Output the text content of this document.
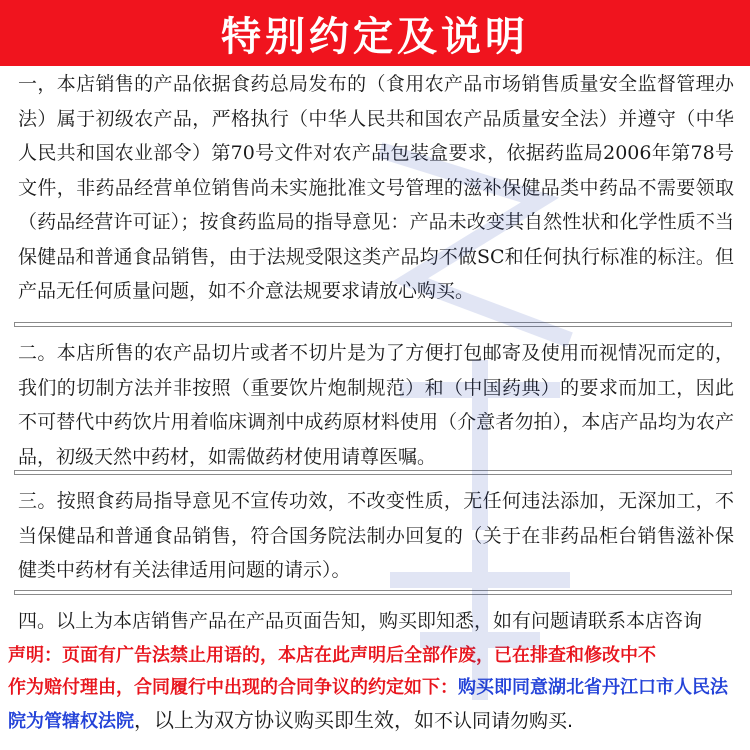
特别约定及说明
一，本店销售的产品依据食药总局发布的（食用农产品市场销售质量安全监督管理办法）属于初级农产品，严格执行（中华人民共和国农产品质量安全法）并遵守（中华人民共和国农业部令）第70号文件对农产品包装盒要求，依据药监局2006年第78号文件，非药品经营单位销售尚未实施批准文号管理的滋补保健品类中药品不需要领取（药品经营许可证）；按食药监局的指导意见：产品未改变其自然性状和化学性质不当保健品和普通食品销售，由于法规受限这类产品均不做SC和任何执行标准的标注。但产品无任何质量问题，如不介意法规要求请放心购买。
二。本店所售的农产品切片或者不切片是为了方便打包邮寄及使用而视情况而定的，我们的切制方法并非按照（重要饮片炮制规范）和（中国药典）的要求而加工，因此不可替代中药饮片用着临床调剂中成药原材料使用（介意者勿拍），本店产品均为农产品，初级天然中药材，如需做药材使用请尊医嘱。
三。按照食药局指导意见不宣传功效，不改变性质，无任何违法添加，无深加工，不当保健品和普通食品销售，符合国务院法制办回复的（关于在非药品柜台销售滋补保健类中药材有关法律适用问题的请示）。
四。以上为本店销售产品在产品页面告知，购买即知悉，如有问题请联系本店咨询
声明：页面有广告法禁止用语的，本店在此声明后全部作废，已在排查和修改中不
作为赔付理由，合同履行中出现的合同争议的约定如下：购买即同意湖北省丹江口市人民法
院为管辖权法院，以上为双方协议购买即生效，如不认同请勿购买.
